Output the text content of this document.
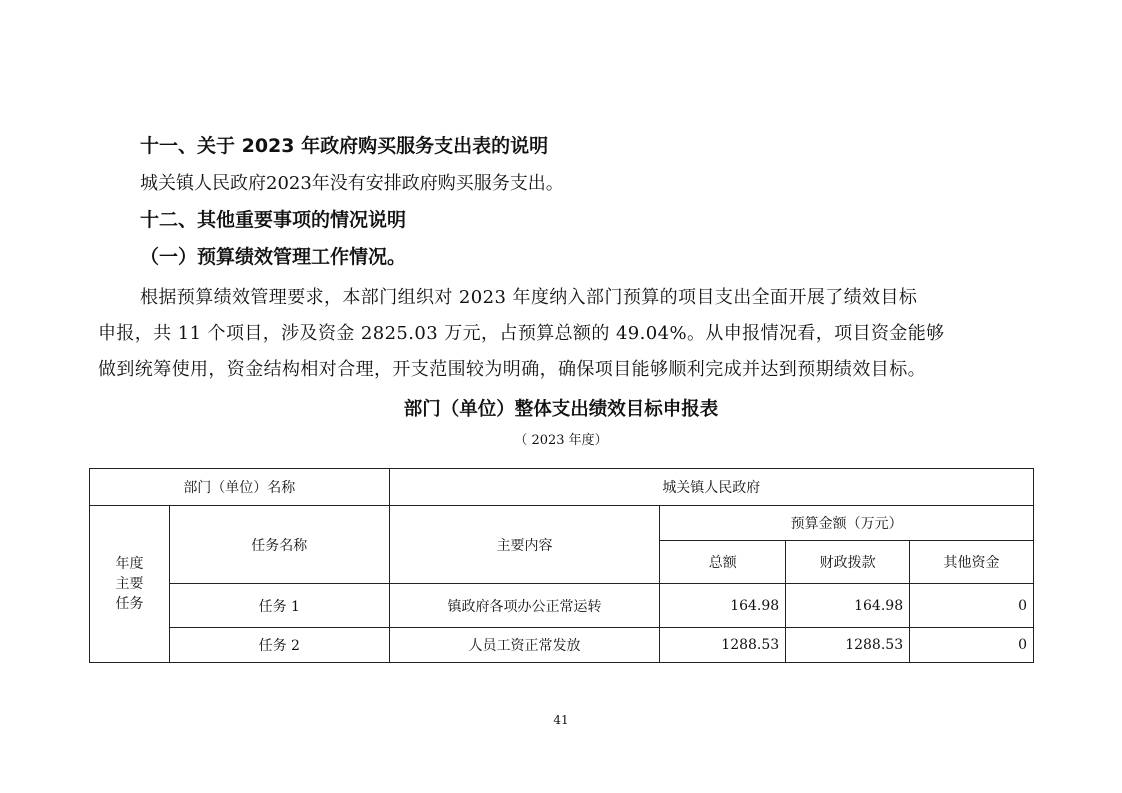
十一、关于 2023 年政府购买服务支出表的说明
城关镇人民政府2023年没有安排政府购买服务支出。
十二、其他重要事项的情况说明
（一）预算绩效管理工作情况。
根据预算绩效管理要求，本部门组织对 2023 年度纳入部门预算的项目支出全面开展了绩效目标
申报，共 11 个项目，涉及资金 2825.03 万元，占预算总额的 49.04%。从申报情况看，项目资金能够
做到统筹使用，资金结构相对合理，开支范围较为明确，确保项目能够顺利完成并达到预期绩效目标。
部门（单位）整体支出绩效目标申报表
（ 2023 年度）
部门（单位）名称		城关镇人民政府			
年度
主要
任务	任务名称	主要内容	预算金额（万元）		
			总额	财政拨款	其他资金
	任务 1	镇政府各项办公正常运转	164.98	164.98	0
	任务 2	人员工资正常发放	1288.53	1288.53	0
41
